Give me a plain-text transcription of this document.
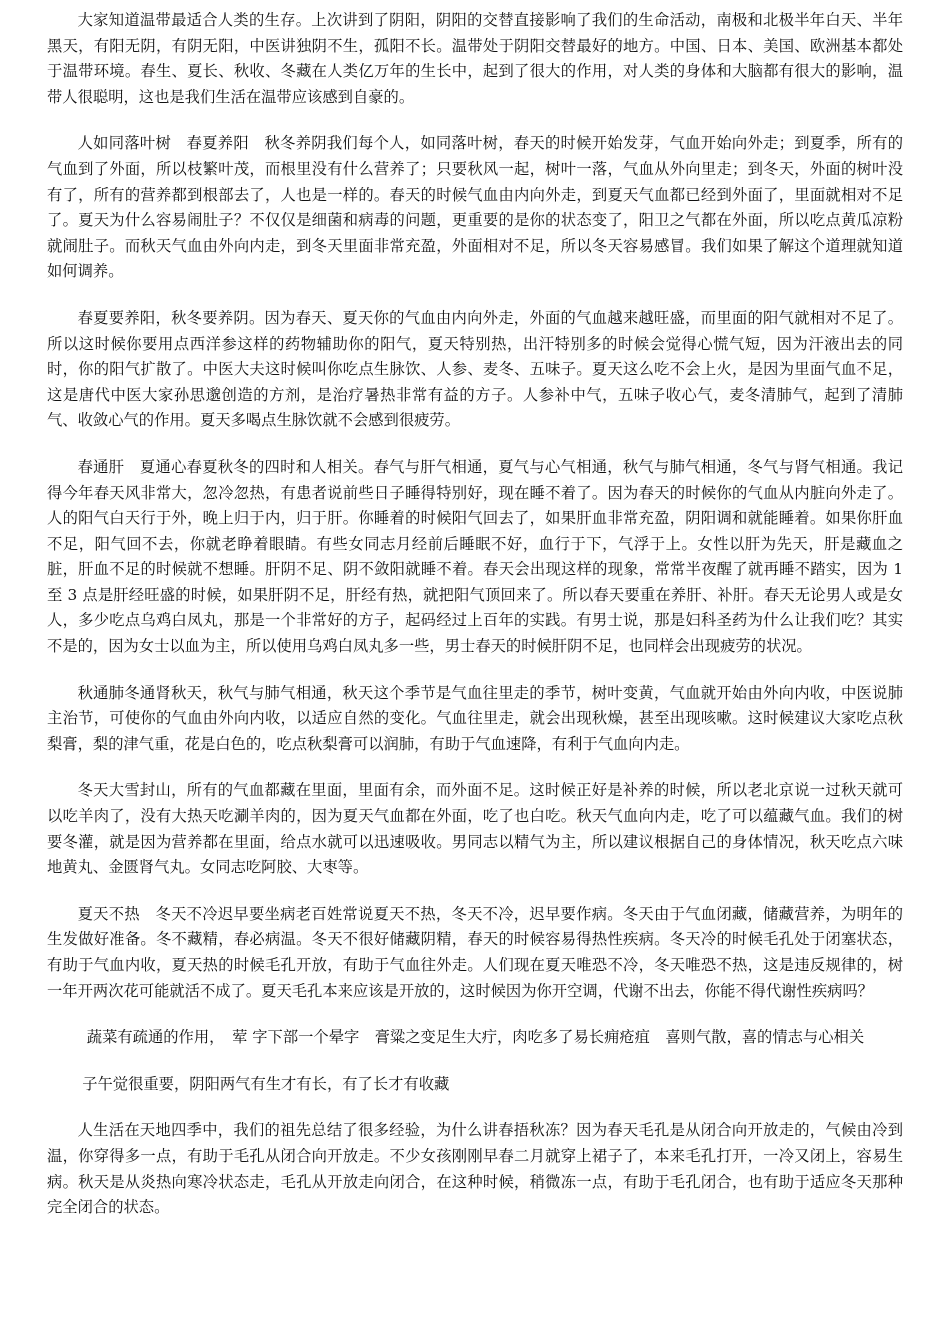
大家知道温带最适合人类的生存。上次讲到了阴阳，阴阳的交替直接影响了我们的生命活动，南极和北极半年白天、半年黑天，有阳无阴，有阴无阳，中医讲独阴不生，孤阳不长。温带处于阴阳交替最好的地方。中国、日本、美国、欧洲基本都处于温带环境。春生、夏长、秋收、冬藏在人类亿万年的生长中，起到了很大的作用，对人类的身体和大脑都有很大的影响，温带人很聪明，这也是我们生活在温带应该感到自豪的。

人如同落叶树　春夏养阳　秋冬养阴我们每个人，如同落叶树，春天的时候开始发芽，气血开始向外走；到夏季，所有的气血到了外面，所以枝繁叶茂，而根里没有什么营养了；只要秋风一起，树叶一落，气血从外向里走；到冬天，外面的树叶没有了，所有的营养都到根部去了，人也是一样的。春天的时候气血由内向外走，到夏天气血都已经到外面了，里面就相对不足了。夏天为什么容易闹肚子？不仅仅是细菌和病毒的问题，更重要的是你的状态变了，阳卫之气都在外面，所以吃点黄瓜凉粉就闹肚子。而秋天气血由外向内走，到冬天里面非常充盈，外面相对不足，所以冬天容易感冒。我们如果了解这个道理就知道如何调养。

春夏要养阳，秋冬要养阴。因为春天、夏天你的气血由内向外走，外面的气血越来越旺盛，而里面的阳气就相对不足了。所以这时候你要用点西洋参这样的药物辅助你的阳气，夏天特别热，出汗特别多的时候会觉得心慌气短，因为汗液出去的同时，你的阳气扩散了。中医大夫这时候叫你吃点生脉饮、人参、麦冬、五味子。夏天这么吃不会上火，是因为里面气血不足，这是唐代中医大家孙思邈创造的方剂，是治疗暑热非常有益的方子。人参补中气，五味子收心气，麦冬清肺气，起到了清肺气、收敛心气的作用。夏天多喝点生脉饮就不会感到很疲劳。

春通肝　夏通心春夏秋冬的四时和人相关。春气与肝气相通，夏气与心气相通，秋气与肺气相通，冬气与肾气相通。我记得今年春天风非常大，忽冷忽热，有患者说前些日子睡得特别好，现在睡不着了。因为春天的时候你的气血从内脏向外走了。人的阳气白天行于外，晚上归于内，归于肝。你睡着的时候阳气回去了，如果肝血非常充盈，阴阳调和就能睡着。如果你肝血不足，阳气回不去，你就老睁着眼睛。有些女同志月经前后睡眠不好，血行于下，气浮于上。女性以肝为先天，肝是藏血之脏，肝血不足的时候就不想睡。肝阴不足、阴不敛阳就睡不着。春天会出现这样的现象，常常半夜醒了就再睡不踏实，因为 1 至 3 点是肝经旺盛的时候，如果肝阴不足，肝经有热，就把阳气顶回来了。所以春天要重在养肝、补肝。春天无论男人或是女人，多少吃点乌鸡白凤丸，那是一个非常好的方子，起码经过上百年的实践。有男士说，那是妇科圣药为什么让我们吃？其实不是的，因为女士以血为主，所以使用乌鸡白凤丸多一些，男士春天的时候肝阴不足，也同样会出现疲劳的状况。

秋通肺冬通肾秋天，秋气与肺气相通，秋天这个季节是气血往里走的季节，树叶变黄，气血就开始由外向内收，中医说肺主治节，可使你的气血由外向内收，以适应自然的变化。气血往里走，就会出现秋燥，甚至出现咳嗽。这时候建议大家吃点秋梨膏，梨的津气重，花是白色的，吃点秋梨膏可以润肺，有助于气血速降，有利于气血向内走。

冬天大雪封山，所有的气血都藏在里面，里面有余，而外面不足。这时候正好是补养的时候，所以老北京说一过秋天就可以吃羊肉了，没有大热天吃涮羊肉的，因为夏天气血都在外面，吃了也白吃。秋天气血向内走，吃了可以蕴藏气血。我们的树要冬灌，就是因为营养都在里面，给点水就可以迅速吸收。男同志以精气为主，所以建议根据自己的身体情况，秋天吃点六味地黄丸、金匮肾气丸。女同志吃阿胶、大枣等。

夏天不热　冬天不冷迟早要坐病老百姓常说夏天不热，冬天不冷，迟早要作病。冬天由于气血闭藏，储藏营养，为明年的生发做好准备。冬不藏精，春必病温。冬天不很好储藏阴精，春天的时候容易得热性疾病。冬天冷的时候毛孔处于闭塞状态，有助于气血内收，夏天热的时候毛孔开放，有助于气血往外走。人们现在夏天唯恐不冷，冬天唯恐不热，这是违反规律的，树一年开两次花可能就活不成了。夏天毛孔本来应该是开放的，这时候因为你开空调，代谢不出去，你能不得代谢性疾病吗？

蔬菜有疏通的作用，　荤 字下部一个晕字　膏粱之变足生大疔，肉吃多了易长痈疮疽　喜则气散，喜的情志与心相关

子午觉很重要，阴阳两气有生才有长，有了长才有收藏

人生活在天地四季中，我们的祖先总结了很多经验，为什么讲春捂秋冻？因为春天毛孔是从闭合向开放走的，气候由冷到温，你穿得多一点，有助于毛孔从闭合向开放走。不少女孩刚刚早春二月就穿上裙子了，本来毛孔打开，一冷又闭上，容易生病。秋天是从炎热向寒冷状态走，毛孔从开放走向闭合，在这种时候，稍微冻一点，有助于毛孔闭合，也有助于适应冬天那种完全闭合的状态。
